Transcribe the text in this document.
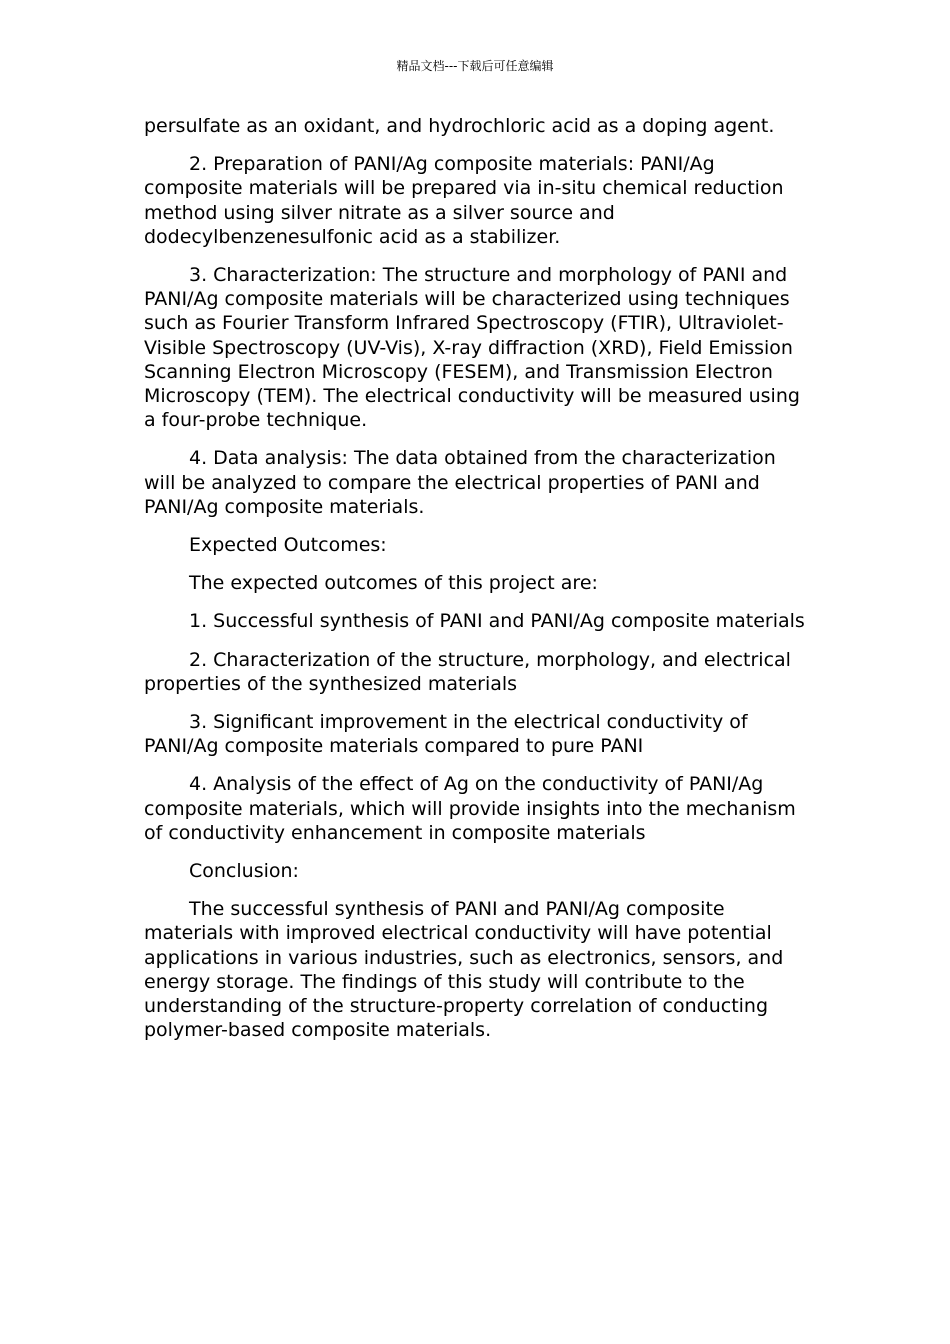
精品文档---下载后可任意编辑

persulfate as an oxidant, and hydrochloric acid as a doping agent.

2. Preparation of PANI/Ag composite materials: PANI/Ag composite materials will be prepared via in-situ chemical reduction method using silver nitrate as a silver source and dodecylbenzenesulfonic acid as a stabilizer.

3. Characterization: The structure and morphology of PANI and PANI/Ag composite materials will be characterized using techniques such as Fourier Transform Infrared Spectroscopy (FTIR), Ultraviolet-Visible Spectroscopy (UV-Vis), X-ray diffraction (XRD), Field Emission Scanning Electron Microscopy (FESEM), and Transmission Electron Microscopy (TEM). The electrical conductivity will be measured using a four-probe technique.

4. Data analysis: The data obtained from the characterization will be analyzed to compare the electrical properties of PANI and PANI/Ag composite materials.

Expected Outcomes:

The expected outcomes of this project are:

1. Successful synthesis of PANI and PANI/Ag composite materials

2. Characterization of the structure, morphology, and electrical properties of the synthesized materials

3. Significant improvement in the electrical conductivity of PANI/Ag composite materials compared to pure PANI

4. Analysis of the effect of Ag on the conductivity of PANI/Ag composite materials, which will provide insights into the mechanism of conductivity enhancement in composite materials

Conclusion:

The successful synthesis of PANI and PANI/Ag composite materials with improved electrical conductivity will have potential applications in various industries, such as electronics, sensors, and energy storage. The findings of this study will contribute to the understanding of the structure-property correlation of conducting polymer-based composite materials.
